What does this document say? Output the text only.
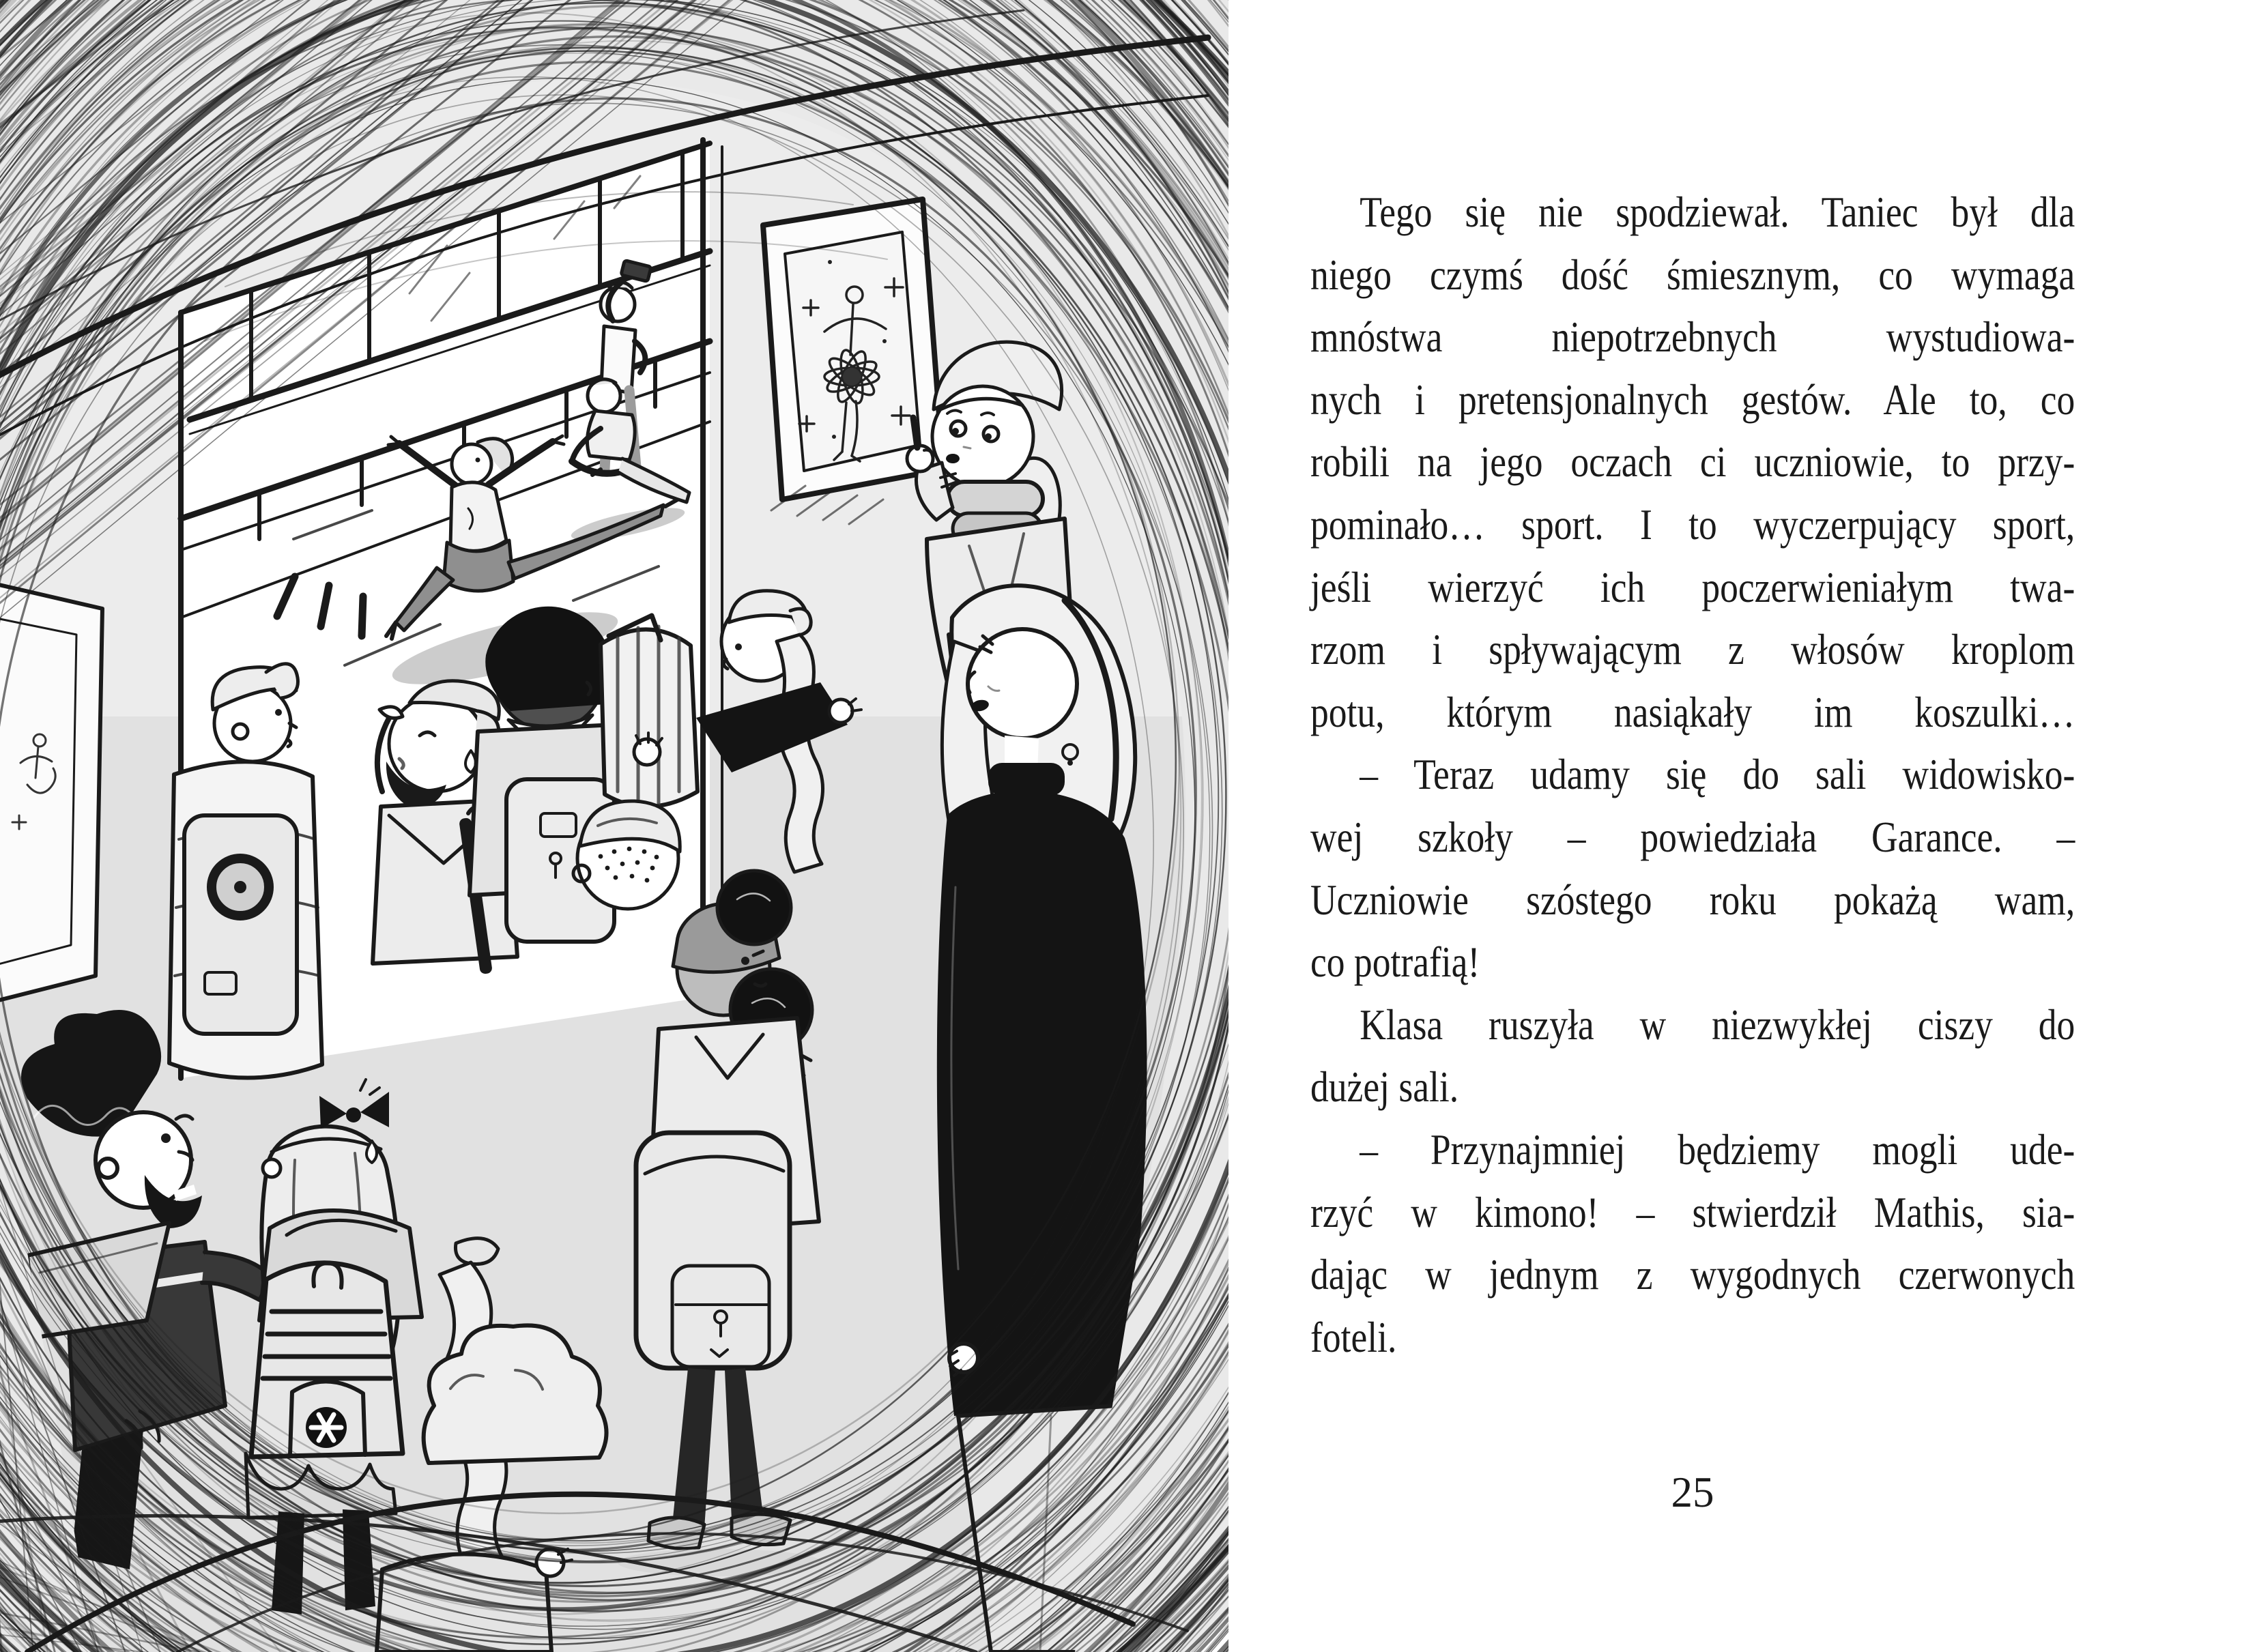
Tego się nie spodziewał. Taniec był dla
niego czymś dość śmiesznym, co wymaga
mnóstwa niepotrzebnych wystudiowa-
nych i pretensjonalnych gestów. Ale to, co
robili na jego oczach ci uczniowie, to przy-
pominało… sport. I to wyczerpujący sport,
jeśli wierzyć ich poczerwieniałym twa-
rzom i spływającym z włosów kroplom
potu, którym nasiąkały im koszulki…
– Teraz udamy się do sali widowisko-
wej szkoły – powiedziała Garance. –
Uczniowie szóstego roku pokażą wam,
co potrafią!
Klasa ruszyła w niezwykłej ciszy do
dużej sali.
– Przynajmniej będziemy mogli ude-
rzyć w kimono! – stwierdził Mathis, sia-
dając w jednym z wygodnych czerwonych
foteli.
25
